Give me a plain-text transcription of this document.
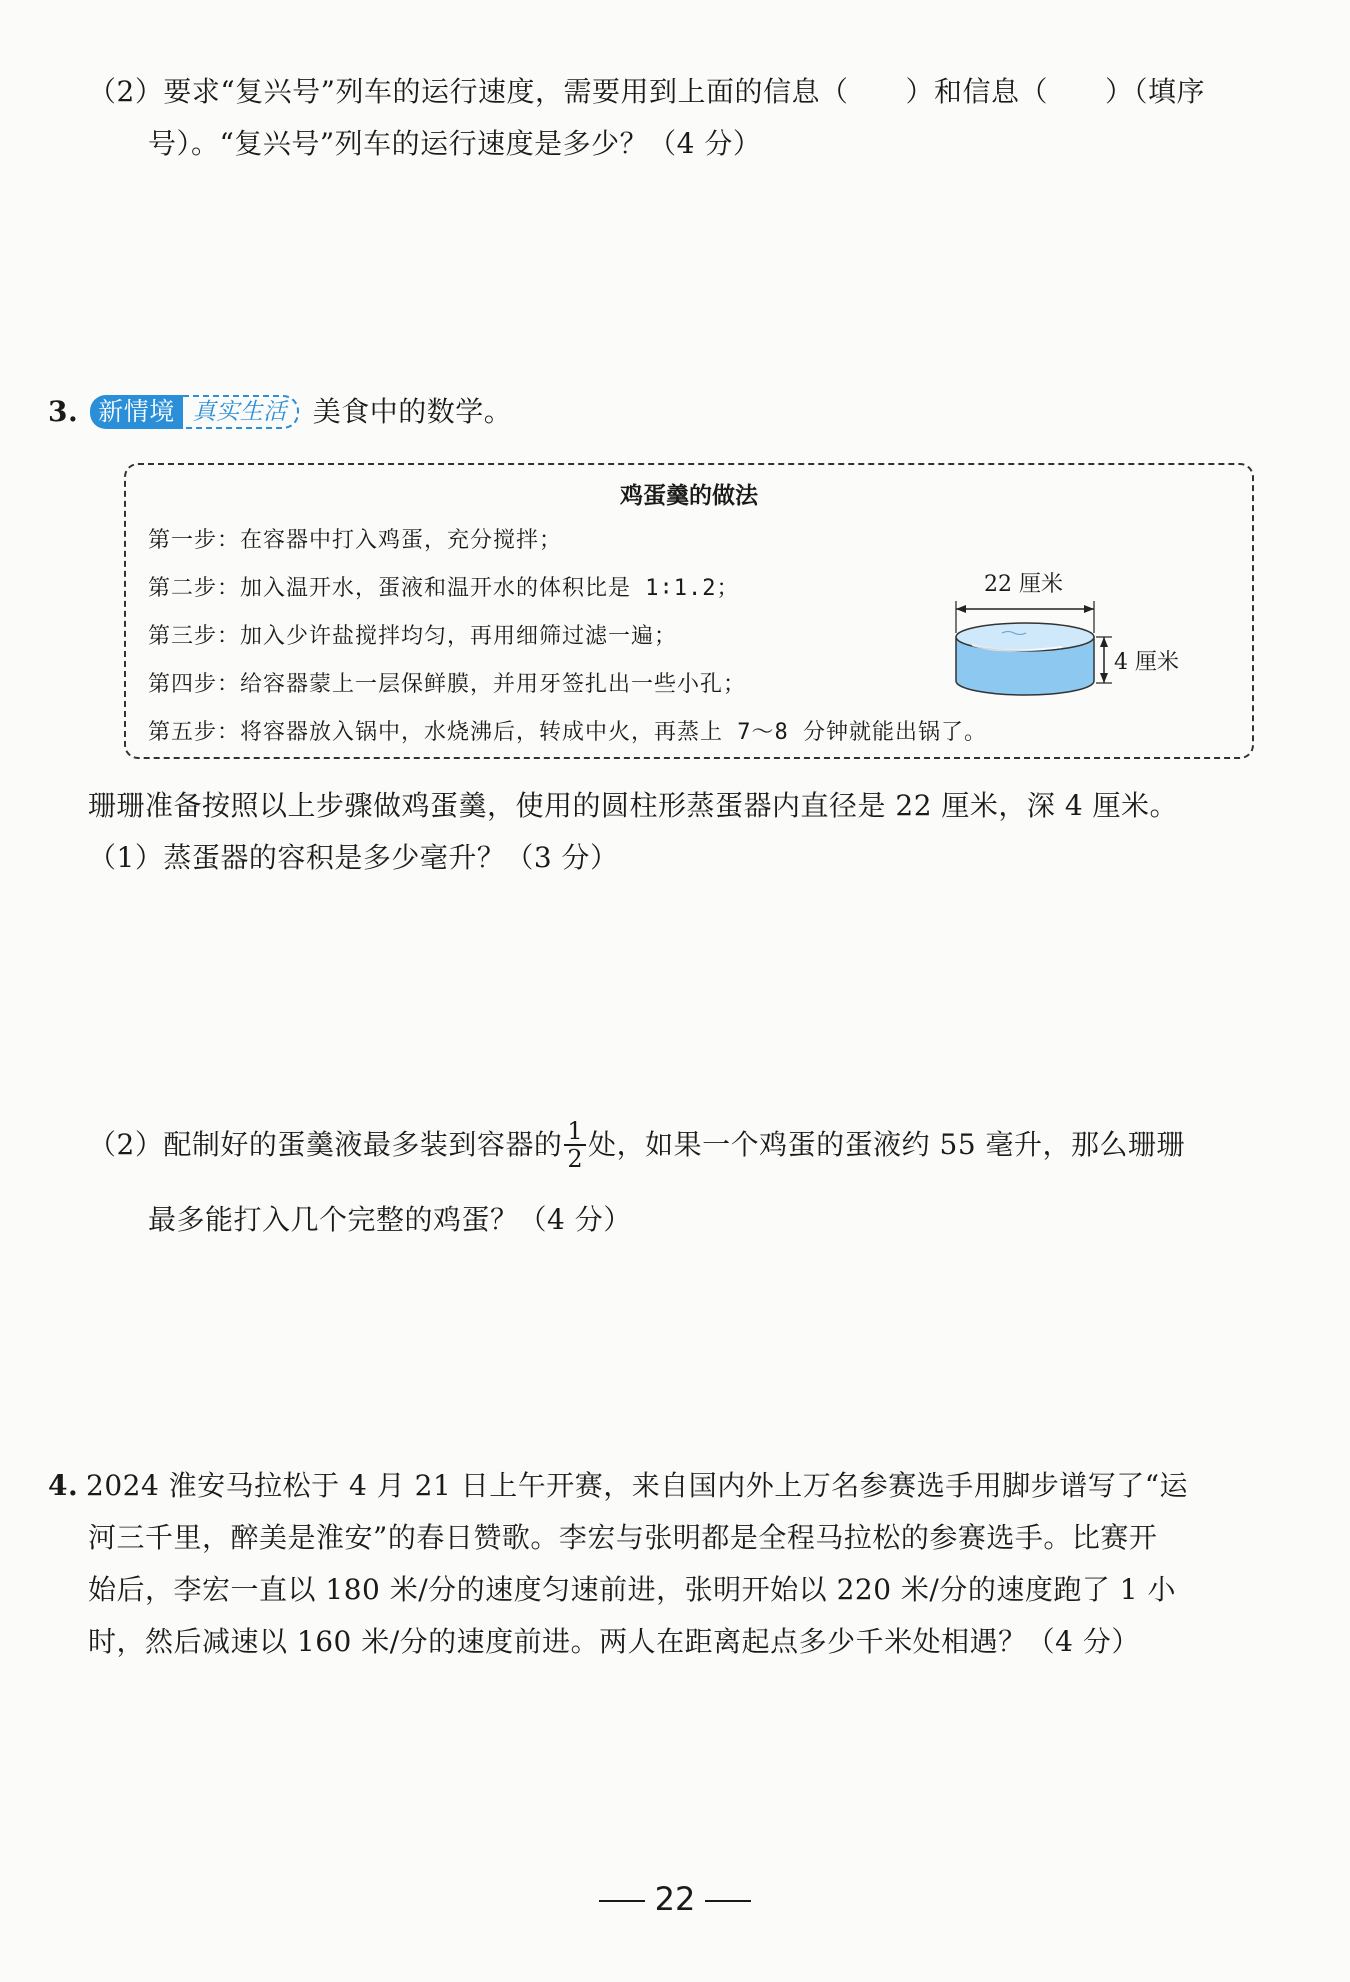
（2）要求“复兴号”列车的运行速度，需要用到上面的信息（　　）和信息（　　）（填序
号）。“复兴号”列车的运行速度是多少？（4 分）
3. 新情境 真实生活 美食中的数学。
鸡蛋羹的做法
第一步：在容器中打入鸡蛋，充分搅拌；
第二步：加入温开水，蛋液和温开水的体积比是 1∶1.2；
第三步：加入少许盐搅拌均匀，再用细筛过滤一遍；
第四步：给容器蒙上一层保鲜膜，并用牙签扎出一些小孔；
第五步：将容器放入锅中，水烧沸后，转成中火，再蒸上 7～8 分钟就能出锅了。
22 厘米
4 厘米
珊珊准备按照以上步骤做鸡蛋羹，使用的圆柱形蒸蛋器内直径是 22 厘米，深 4 厘米。
（1）蒸蛋器的容积是多少毫升？（3 分）
（2）配制好的蛋羹液最多装到容器的 $\frac{1}{2}$ 处，如果一个鸡蛋的蛋液约 55 毫升，那么珊珊
最多能打入几个完整的鸡蛋？（4 分）
4. 2024 淮安马拉松于 4 月 21 日上午开赛，来自国内外上万名参赛选手用脚步谱写了“运
河三千里，醉美是淮安”的春日赞歌。李宏与张明都是全程马拉松的参赛选手。比赛开
始后，李宏一直以 180 米/分的速度匀速前进，张明开始以 220 米/分的速度跑了 1 小
时，然后减速以 160 米/分的速度前进。两人在距离起点多少千米处相遇？（4 分）
22
